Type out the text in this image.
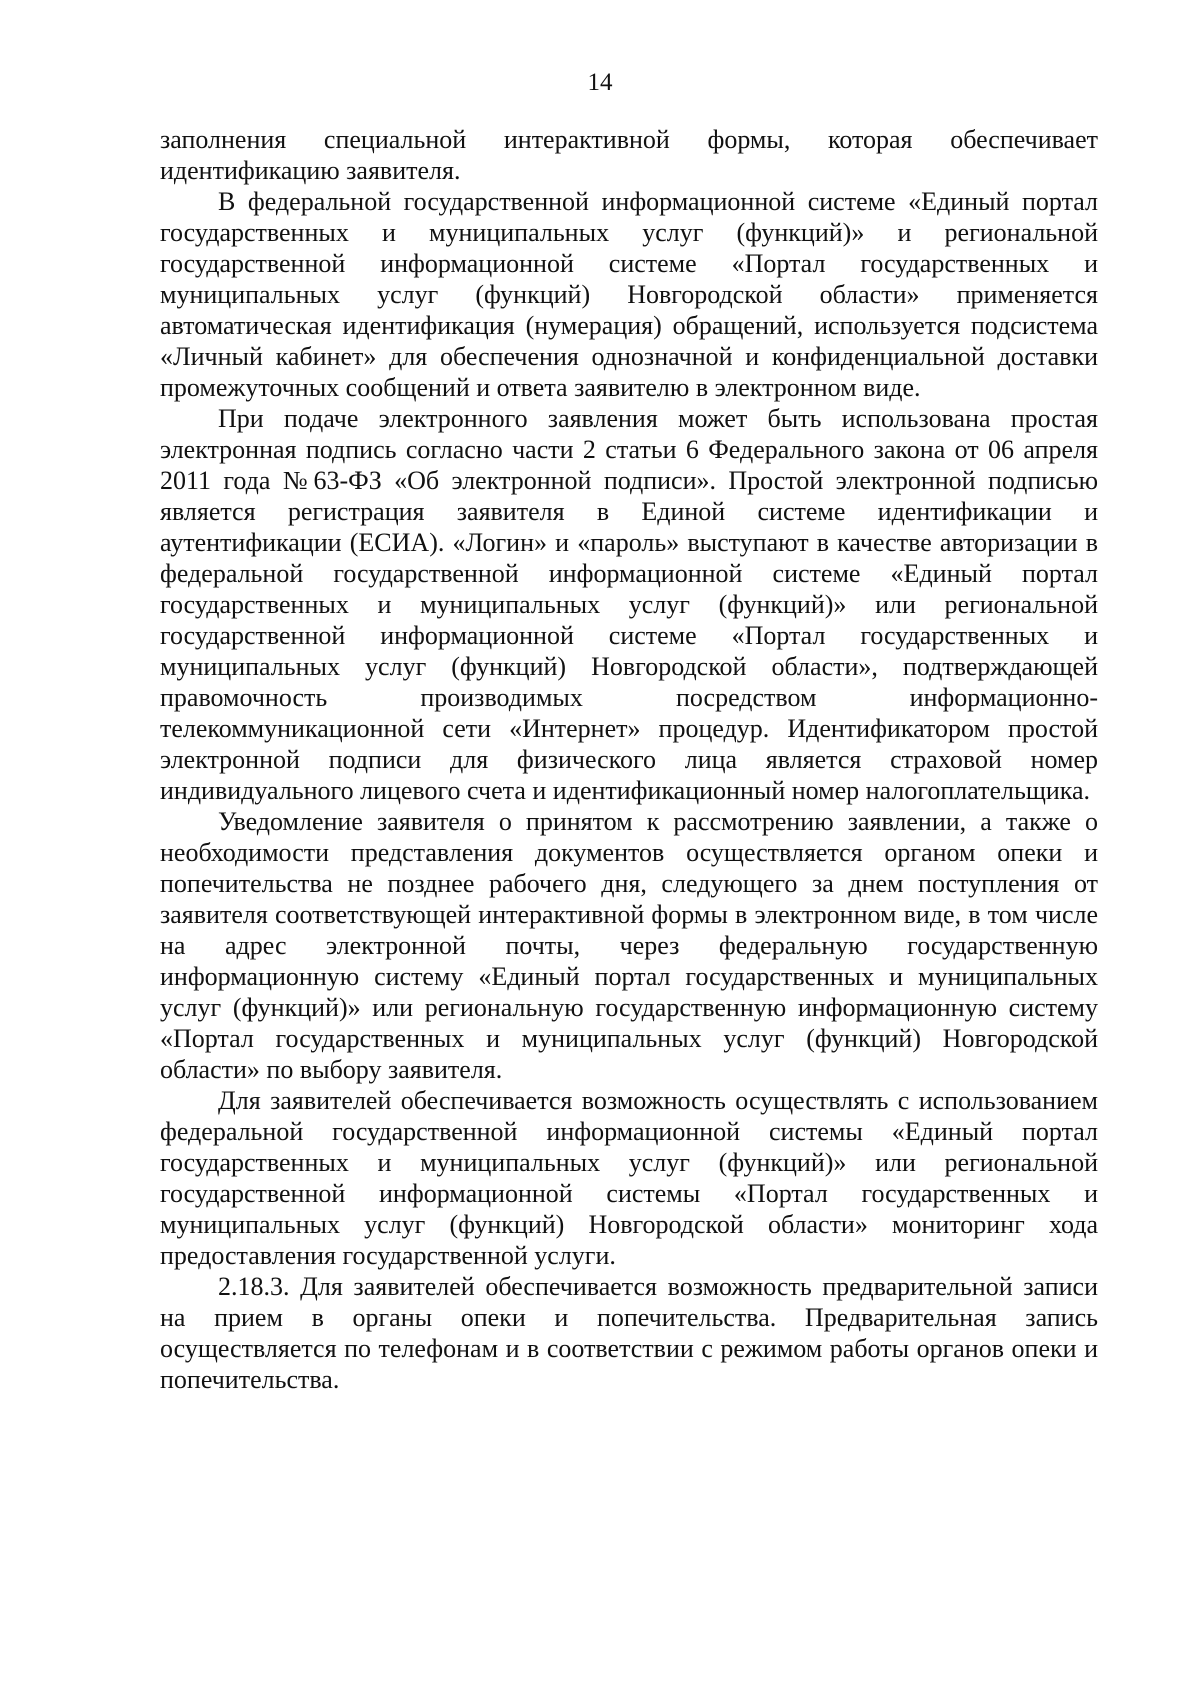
14

заполнения специальной интерактивной формы, которая обеспечивает идентификацию заявителя.

В федеральной государственной информационной системе «Единый портал государственных и муниципальных услуг (функций)» и региональной государственной информационной системе «Портал государственных и муниципальных услуг (функций) Новгородской области» применяется автоматическая идентификация (нумерация) обращений, используется подсистема «Личный кабинет» для обеспечения однозначной и конфиденциальной доставки промежуточных сообщений и ответа заявителю в электронном виде.

При подаче электронного заявления может быть использована простая электронная подпись согласно части 2 статьи 6 Федерального закона от 06 апреля 2011 года №63-ФЗ «Об электронной подписи». Простой электронной подписью является регистрация заявителя в Единой системе идентификации и аутентификации (ЕСИА). «Логин» и «пароль» выступают в качестве авторизации в федеральной государственной информационной системе «Единый портал государственных и муниципальных услуг (функций)» или региональной государственной информационной системе «Портал государственных и муниципальных услуг (функций) Новгородской области», подтверждающей правомочность производимых посредством информационно-телекоммуникационной сети «Интернет» процедур. Идентификатором простой электронной подписи для физического лица является страховой номер индивидуального лицевого счета и идентификационный номер налогоплательщика.

Уведомление заявителя о принятом к рассмотрению заявлении, а также о необходимости представления документов осуществляется органом опеки и попечительства не позднее рабочего дня, следующего за днем поступления от заявителя соответствующей интерактивной формы в электронном виде, в том числе на адрес электронной почты, через федеральную государственную информационную систему «Единый портал государственных и муниципальных услуг (функций)» или региональную государственную информационную систему «Портал государственных и муниципальных услуг (функций) Новгородской области» по выбору заявителя.

Для заявителей обеспечивается возможность осуществлять с использованием федеральной государственной информационной системы «Единый портал государственных и муниципальных услуг (функций)» или региональной государственной информационной системы «Портал государственных и муниципальных услуг (функций) Новгородской области» мониторинг хода предоставления государственной услуги.

2.18.3. Для заявителей обеспечивается возможность предварительной записи на прием в органы опеки и попечительства. Предварительная запись осуществляется по телефонам и в соответствии с режимом работы органов опеки и попечительства.
